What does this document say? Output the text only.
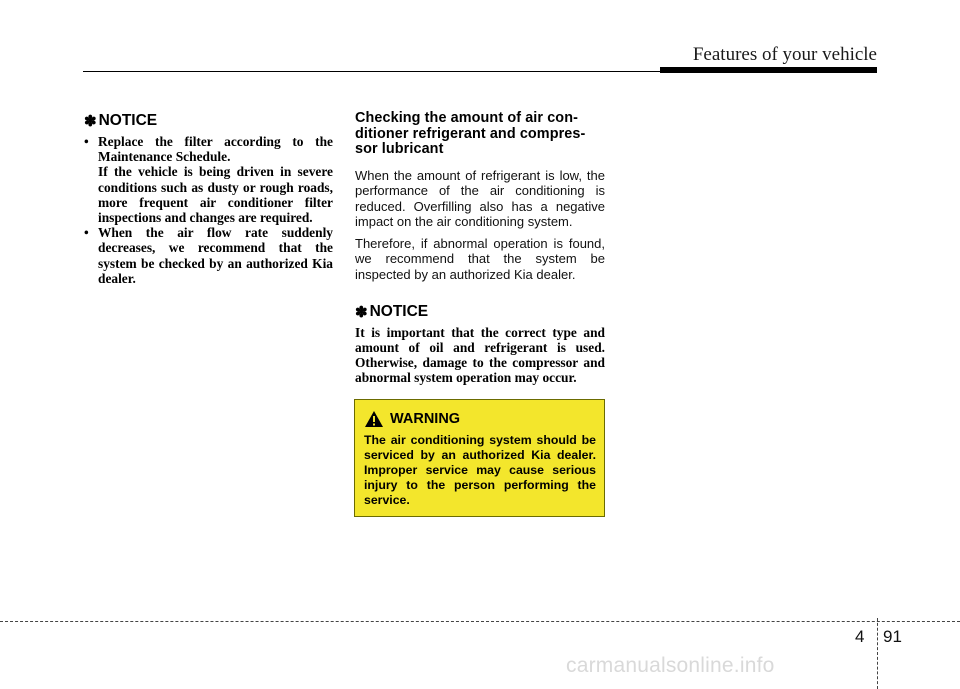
Features of your vehicle
✽ NOTICE
• Replace the filter according to the Maintenance Schedule.

If the vehicle is being driven in severe conditions such as dusty or rough roads, more frequent air conditioner filter inspections and changes are required.

• When the air flow rate suddenly decreases, we recommend that the system be checked by an authorized Kia dealer.

Checking the amount of air con-
ditioner refrigerant and compres-
sor lubricant

When the amount of refrigerant is low, the performance of the air conditioning is reduced. Overfilling also has a negative impact on the air conditioning system.

Therefore, if abnormal operation is found, we recommend that the system be inspected by an authorized Kia dealer.

✽ NOTICE

It is important that the correct type and amount of oil and refrigerant is used. Otherwise, damage to the compressor and abnormal system operation may occur.

WARNING

The air conditioning system should be serviced by an authorized Kia dealer. Improper service may cause serious injury to the person performing the service.

4 91
carmanualsonline.info
